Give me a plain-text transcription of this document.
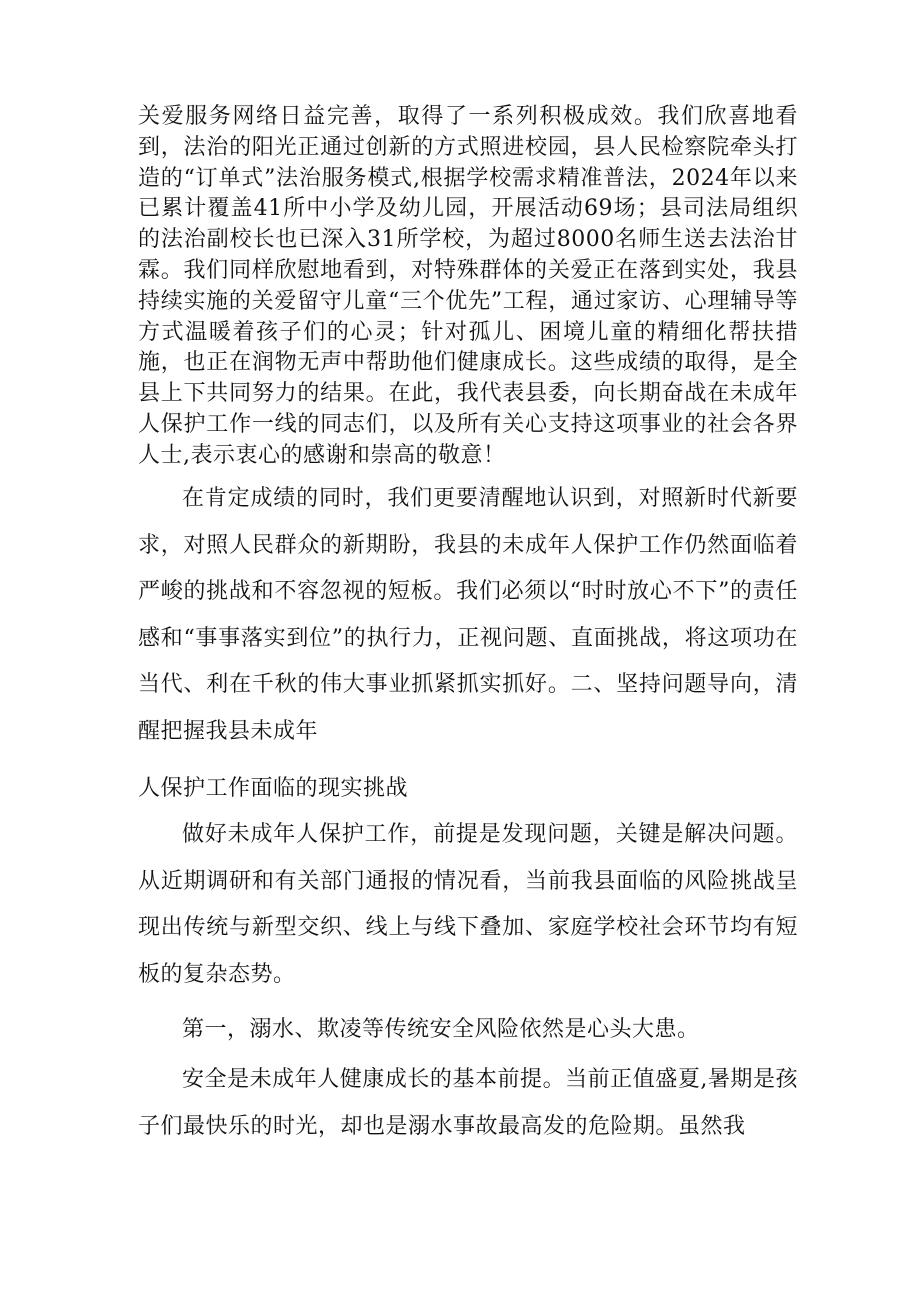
关爱服务网络日益完善，取得了一系列积极成效。我们欣喜地看到，法治的阳光正通过创新的方式照进校园，县人民检察院牵头打造的“订单式”法治服务模式,根据学校需求精准普法，2024年以来已累计覆盖41所中小学及幼儿园，开展活动69场；县司法局组织的法治副校长也已深入31所学校，为超过8000名师生送去法治甘霖。我们同样欣慰地看到，对特殊群体的关爱正在落到实处，我县持续实施的关爱留守儿童“三个优先”工程，通过家访、心理辅导等方式温暖着孩子们的心灵；针对孤儿、困境儿童的精细化帮扶措施，也正在润物无声中帮助他们健康成长。这些成绩的取得，是全县上下共同努力的结果。在此，我代表县委，向长期奋战在未成年人保护工作一线的同志们，以及所有关心支持这项事业的社会各界人士,表示衷心的感谢和崇高的敬意！

在肯定成绩的同时，我们更要清醒地认识到，对照新时代新要求，对照人民群众的新期盼，我县的未成年人保护工作仍然面临着严峻的挑战和不容忽视的短板。我们必须以“时时放心不下”的责任感和“事事落实到位”的执行力，正视问题、直面挑战，将这项功在当代、利在千秋的伟大事业抓紧抓实抓好。二、坚持问题导向，清醒把握我县未成年

人保护工作面临的现实挑战

做好未成年人保护工作，前提是发现问题，关键是解决问题。从近期调研和有关部门通报的情况看，当前我县面临的风险挑战呈现出传统与新型交织、线上与线下叠加、家庭学校社会环节均有短板的复杂态势。

第一，溺水、欺凌等传统安全风险依然是心头大患。

安全是未成年人健康成长的基本前提。当前正值盛夏,暑期是孩子们最快乐的时光，却也是溺水事故最高发的危险期。虽然我
